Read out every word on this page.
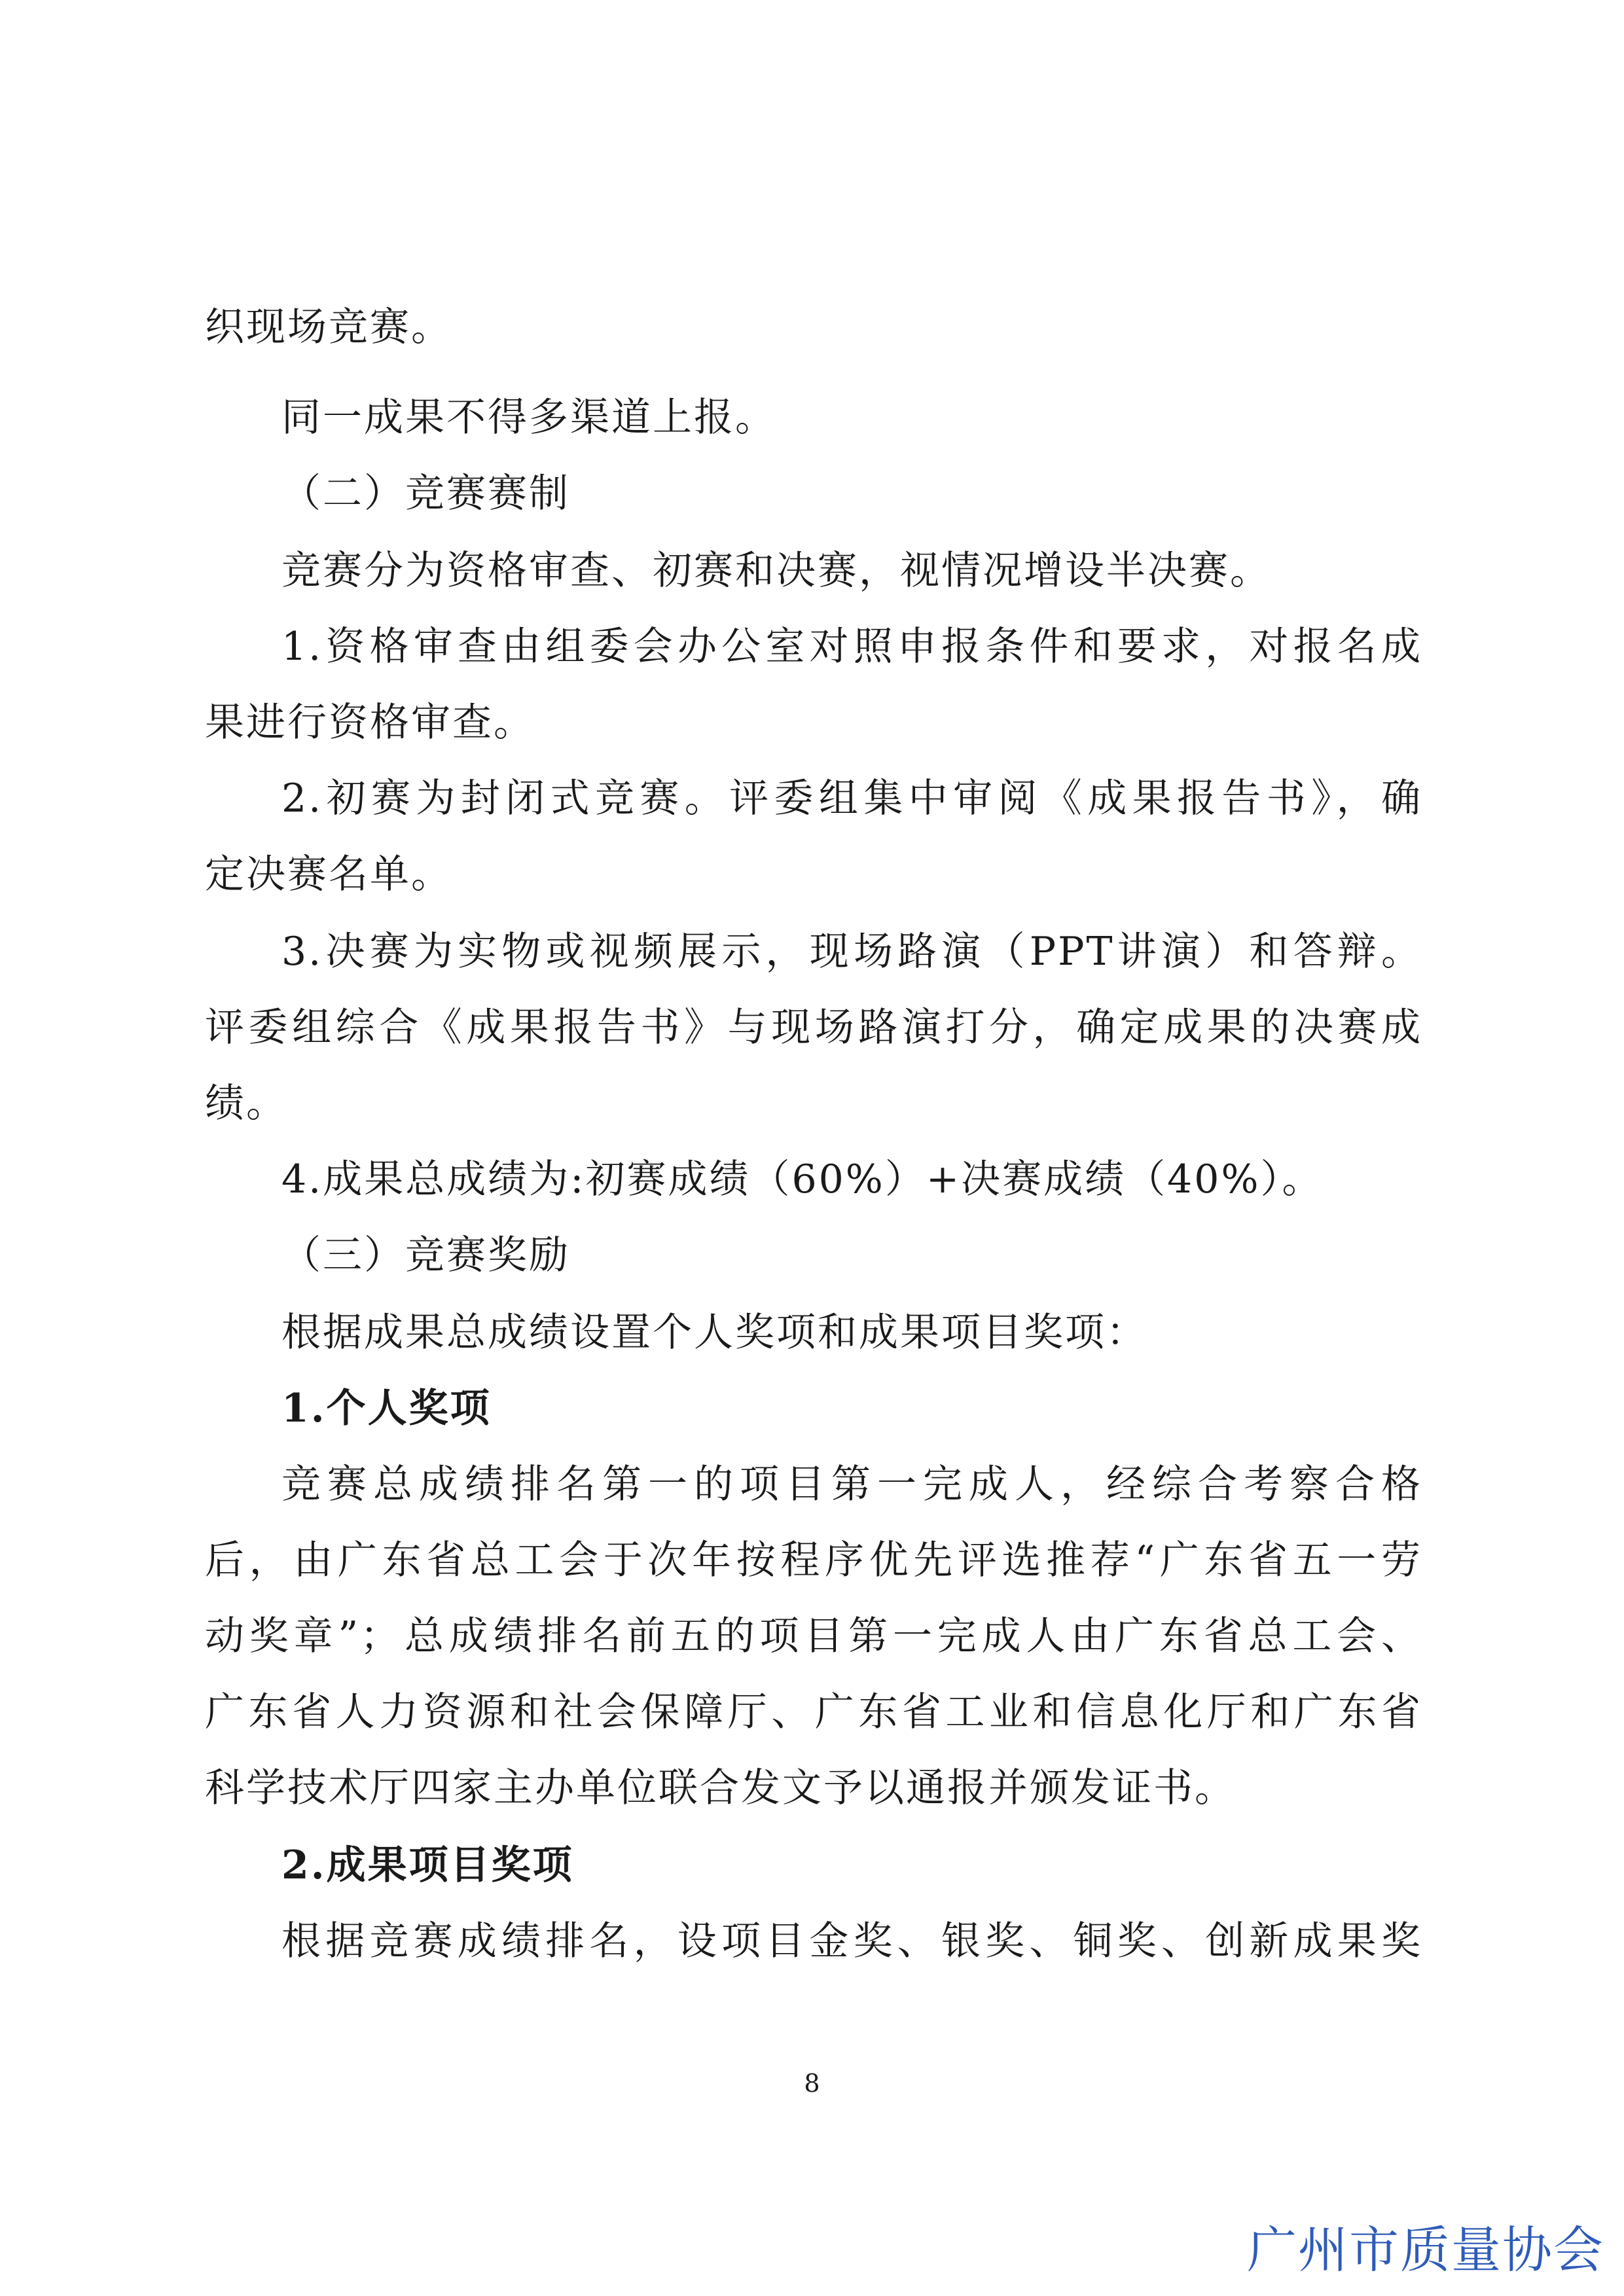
织现场竞赛。
同一成果不得多渠道上报。
（二）竞赛赛制
竞赛分为资格审查、初赛和决赛，视情况增设半决赛。
1.资格审查由组委会办公室对照申报条件和要求，对报名成
果进行资格审查。
2.初赛为封闭式竞赛。评委组集中审阅《成果报告书》，确
定决赛名单。
3.决赛为实物或视频展示，现场路演（PPT讲演）和答辩。
评委组综合《成果报告书》与现场路演打分，确定成果的决赛成
绩。
4.成果总成绩为:初赛成绩（60%）+决赛成绩（40%）。
（三）竞赛奖励
根据成果总成绩设置个人奖项和成果项目奖项：
1.个人奖项
竞赛总成绩排名第一的项目第一完成人，经综合考察合格
后，由广东省总工会于次年按程序优先评选推荐“广东省五一劳
动奖章”；总成绩排名前五的项目第一完成人由广东省总工会、
广东省人力资源和社会保障厅、广东省工业和信息化厅和广东省
科学技术厅四家主办单位联合发文予以通报并颁发证书。
2.成果项目奖项
根据竞赛成绩排名，设项目金奖、银奖、铜奖、创新成果奖
8
广州市质量协会
